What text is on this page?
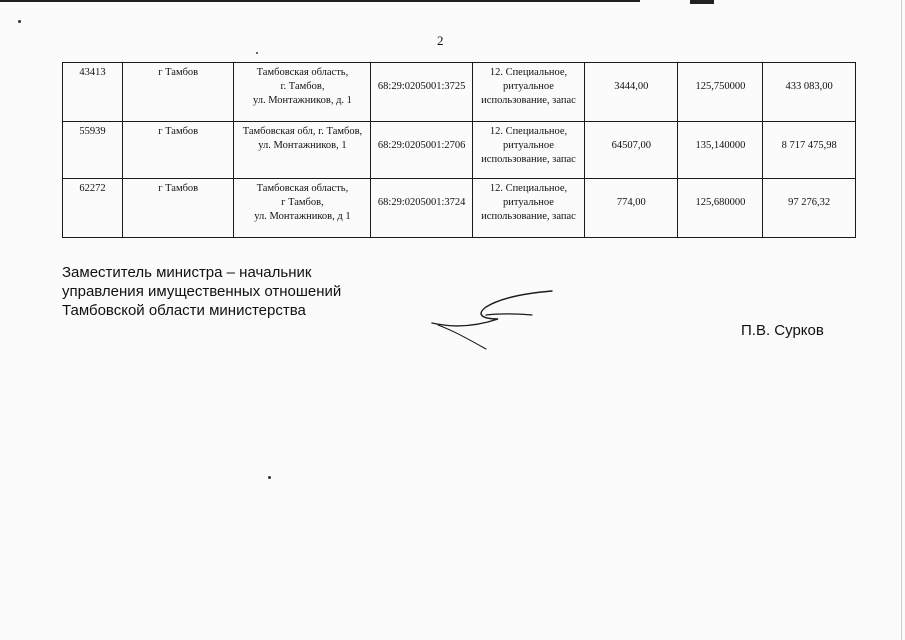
2
43413	г Тамбов	Тамбовская область,
г. Тамбов,
ул. Монтажников, д. 1	68:29:0205001:3725	12. Специальное,
ритуальное
использование, запас	3444,00	125,750000	433 083,00

55939	г Тамбов	Тамбовская обл, г. Тамбов,
ул. Монтажников, 1	68:29:0205001:2706	12. Специальное,
ритуальное
использование, запас	64507,00	135,140000	8 717 475,98

62272	г Тамбов	Тамбовская область,
г Тамбов,
ул. Монтажников, д 1	68:29:0205001:3724	12. Специальное,
ритуальное
использование, запас	774,00	125,680000	97 276,32
Заместитель министра – начальник
управления имущественных отношений
Тамбовской области министерства
П.В. Сурков
